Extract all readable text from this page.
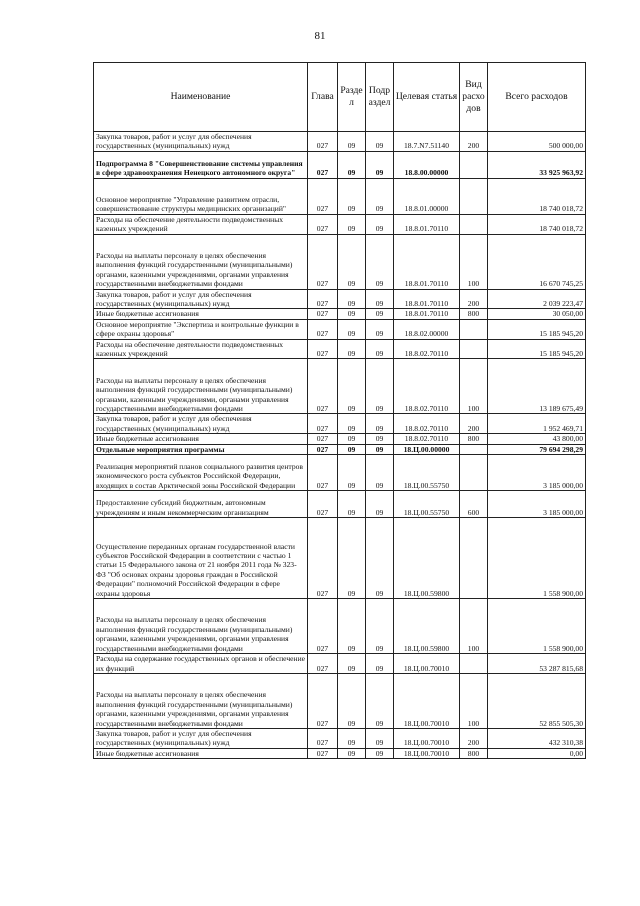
81
Наименование	Глава	Разде л	Подр аздел	Целевая статья	Вид расхо дов	Всего расходов
Закупка товаров, работ и услуг для обеспечения государственных (муниципальных) нужд	027	09	09	18.7.N7.51140	200	500 000,00
Подпрограмма 8 "Совершенствование системы управления в сфере здравоохранения Ненецкого автономного округа"	027	09	09	18.8.00.00000		33 925 963,92
Основное мероприятие "Управление развитием отрасли, совершенствование структуры медицинских организаций"	027	09	09	18.8.01.00000		18 740 018,72
Расходы на обеспечение деятельности подведомственных казенных учреждений	027	09	09	18.8.01.70110		18 740 018,72
Расходы на выплаты персоналу в целях обеспечения выполнения функций государственными (муниципальными) органами, казенными учреждениями, органами управления государственными внебюджетными фондами	027	09	09	18.8.01.70110	100	16 670 745,25
Закупка товаров, работ и услуг для обеспечения государственных (муниципальных) нужд	027	09	09	18.8.01.70110	200	2 039 223,47
Иные бюджетные ассигнования	027	09	09	18.8.01.70110	800	30 050,00
Основное мероприятие "Экспертиза и контрольные функции в сфере охраны здоровья"	027	09	09	18.8.02.00000		15 185 945,20
Расходы на обеспечение деятельности подведомственных казенных учреждений	027	09	09	18.8.02.70110		15 185 945,20
Расходы на выплаты персоналу в целях обеспечения выполнения функций государственными (муниципальными) органами, казенными учреждениями, органами управления государственными внебюджетными фондами	027	09	09	18.8.02.70110	100	13 189 675,49
Закупка товаров, работ и услуг для обеспечения государственных (муниципальных) нужд	027	09	09	18.8.02.70110	200	1 952 469,71
Иные бюджетные ассигнования	027	09	09	18.8.02.70110	800	43 800,00
Отдельные мероприятия программы	027	09	09	18.Ц.00.00000		79 694 298,29
Реализация мероприятий планов социального развития центров экономического роста субъектов Российской Федерации, входящих в состав Арктической зоны Российской Федерации	027	09	09	18.Ц.00.55750		3 185 000,00
Предоставление субсидий бюджетным, автономным учреждениям и иным некоммерческим организациям	027	09	09	18.Ц.00.55750	600	3 185 000,00
Осуществление переданных органам государственной власти субъектов Российской Федерации в соответствии с частью 1 статьи 15 Федерального закона от 21 ноября 2011 года № 323-ФЗ "Об основах охраны здоровья граждан в Российской Федерации" полномочий Российской Федерации в сфере охраны здоровья	027	09	09	18.Ц.00.59800		1 558 900,00
Расходы на выплаты персоналу в целях обеспечения выполнения функций государственными (муниципальными) органами, казенными учреждениями, органами управления государственными внебюджетными фондами	027	09	09	18.Ц.00.59800	100	1 558 900,00
Расходы на содержание государственных органов и обеспечение их функций	027	09	09	18.Ц.00.70010		53 287 815,68
Расходы на выплаты персоналу в целях обеспечения выполнения функций государственными (муниципальными) органами, казенными учреждениями, органами управления государственными внебюджетными фондами	027	09	09	18.Ц.00.70010	100	52 855 505,30
Закупка товаров, работ и услуг для обеспечения государственных (муниципальных) нужд	027	09	09	18.Ц.00.70010	200	432 310,38
Иные бюджетные ассигнования	027	09	09	18.Ц.00.70010	800	0,00
